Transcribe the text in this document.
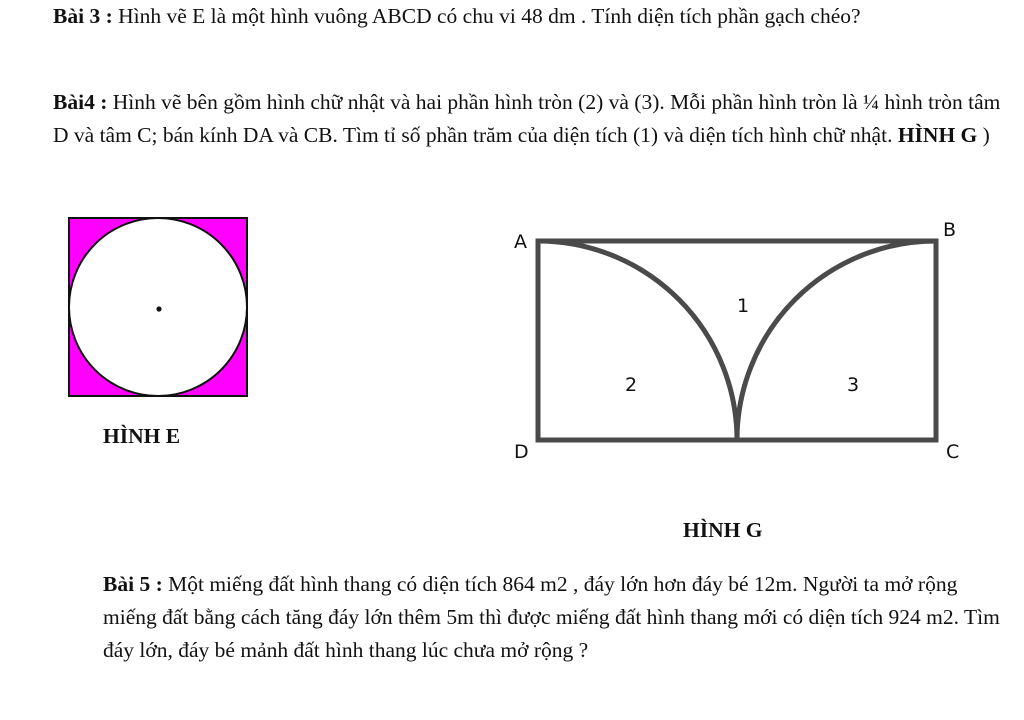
Bài 3 : Hình vẽ E là một hình vuông ABCD có chu vi 48 dm . Tính diện tích phần gạch chéo?

Bài4 : Hình vẽ bên gồm hình chữ nhật và hai phần hình tròn (2) và (3). Mỗi phần hình tròn là ¼ hình tròn tâm D và tâm C; bán kính DA và CB. Tìm tỉ số phần trăm của diện tích (1) và diện tích hình chữ nhật. HÌNH G )

HÌNH E
A
B
C
D
1
2	3
HÌNH G

Bài 5 : Một miếng đất hình thang có diện tích 864 m2 , đáy lớn hơn đáy bé 12m. Người ta mở rộng miếng đất bằng cách tăng đáy lớn thêm 5m thì được miếng đất hình thang mới có diện tích 924 m2. Tìm đáy lớn, đáy bé mảnh đất hình thang lúc chưa mở rộng ?
